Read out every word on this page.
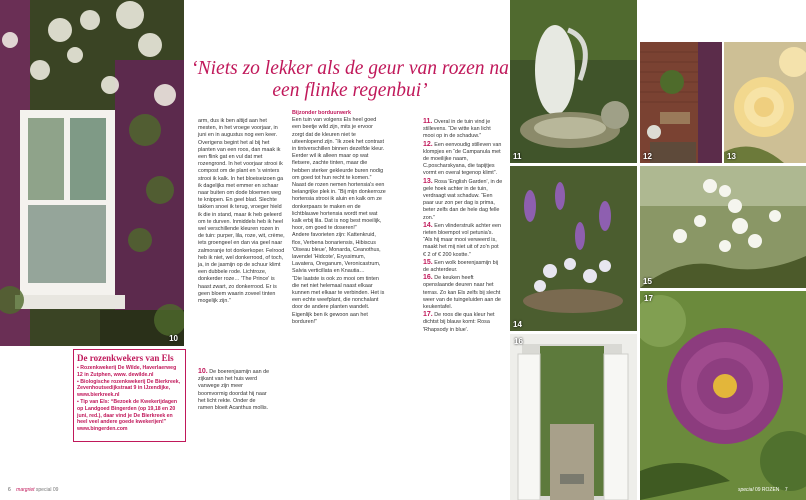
10
‘Niets zo lekker als de geur van rozen na een flinke regenbui’

arm, dus ik ben altijd aan het mesten, in het vroege voorjaar, in juni en in augustus nog een keer. Overigens begint het al bij het planten van een roos, dan maak ik een flink gat en vul dat met rozengrond. In het voorjaar strooi ik compost om de plant en 's winters strooi ik kalk. In het bloeiseizoen ga ik dagelijks met emmer en schaar naar buiten om dode bloemen weg te knippen. En geel blad. Slechte takken snoei ik terug, vroeger hield ik die in stand, maar ik heb geleerd om te durven. Inmiddels heb ik heel wel verschillende kleuren rozen in de tuin: purper, lila, roze, wit, crème, iets groengeel en dan via geel naar zalmoranje tot donkerkoper. Felrood heb ik niet, wel donkerrood, of toch, ja, in de jasmijn op de schuur klimt een dubbele rode. Lichtroze, donkerder roze… 'The Prince' is haast zwart, zo donkerrood. Er is geen bloem waarin zoveel tinten mogelijk zijn.”

Bijzonder borduurwerk

Een tuin van volgens Els heel goed een beetje wild zijn, mits je ervoor zorgt dat de kleuren niet te uiteenlopend zijn. “Ik zoek het contrast in tintverschillen binnen dezelfde kleur. Eerder wil ik alleen maar op wat fletsere, zachte tinten, maar die hebben sterker gekleurde buren nodig om goed tot hun recht te komen.” Naast de rozen nemen hortensia's een belangrijke plek in. “Bij mijn donkerroze hortensia strooi ik aluin en kalk om ze donkerpaars te maken en de lichtblauwe hortensia wordt met wat kalk erbij lila. Dat is nog best moeilijk, hoor, om goed te doseren!”

Andere favorieten zijn: Kattenkruid, flox, Verbena bonariensis, Hibiscus 'Oiseau bleue', Monarda, Ceanothus, lavendel 'Hidcote', Eryssimum, Lavatera, Oreganum, Veronicastrum, Salvia verticillata en Knautia…

“Die laatste is ook zo mooi om tinten die net niet helemaal naast elkaar kunnen met elkaar te verbinden. Het is een echte weefplant, die nonchalant door de andere planten wandelt. Eigenlijk ben ik gewoon aan het borduren!”

De rozenkwekers van Els
▪ Rozenkwekerij De Wilde, Haverlaerweg 12 in Zutphen, www. dewilde.nl
▪ Biologische rozenkwekerij De Bierkreek, Zevenhoutsedijkstraat 9 in IJzendijke, www.bierkreek.nl
▪ Tip van Els: “Bezoek de Kwekerijdagen op Landgoed Bingerden (op 19,18 en 20 juni, red.), daar vind je De Bierkreek en heel veel andere goede kwekerijen!” www.bingerden.com
10. De boerenjasmijn aan de zijkant van het huis werd vanwege zijn meer boomvormig doordat hij naar het licht rekte. Onder de ramen bloeit Acanthus mollis.

11. Overal in de tuin vind je stillevens. “De witte kan licht mooi op in de schaduw.”

12. Een eenvoudig stilleven van klompjes en “de Campanula met de moeilijke naam, C.poscharskyana, die tapijtjes vormt en overal tegenop klimt”.

13. Rosa 'English Garden', in de gele hoek achter in de tuin, verdraagt wat schaduw. “Een paar uur zon per dag is prima, beter zelfs dan de hele dag felle zon.”

14. Een vlinderstruik achter een rieten bloempot vol petunia's. “Als hij maar mooi verweerd is, maakt het mij niet uit of zo'n pot € 2 of € 200 kostte.”

15. Een wolk boerenjasmijn bij de achterdeur.

16. De keuken heeft openslaande deuren naar het terras. Zo kan Els zelfs bij slecht weer van de tuingeluiden aan de keukentafel.

17. De roos die qua kleur het dichtst bij blauw komt: Rosa 'Rhapsody in blue'.

11	12	13
14
15
16
17
6 margriet special 09	special 09 ROZEN 7
